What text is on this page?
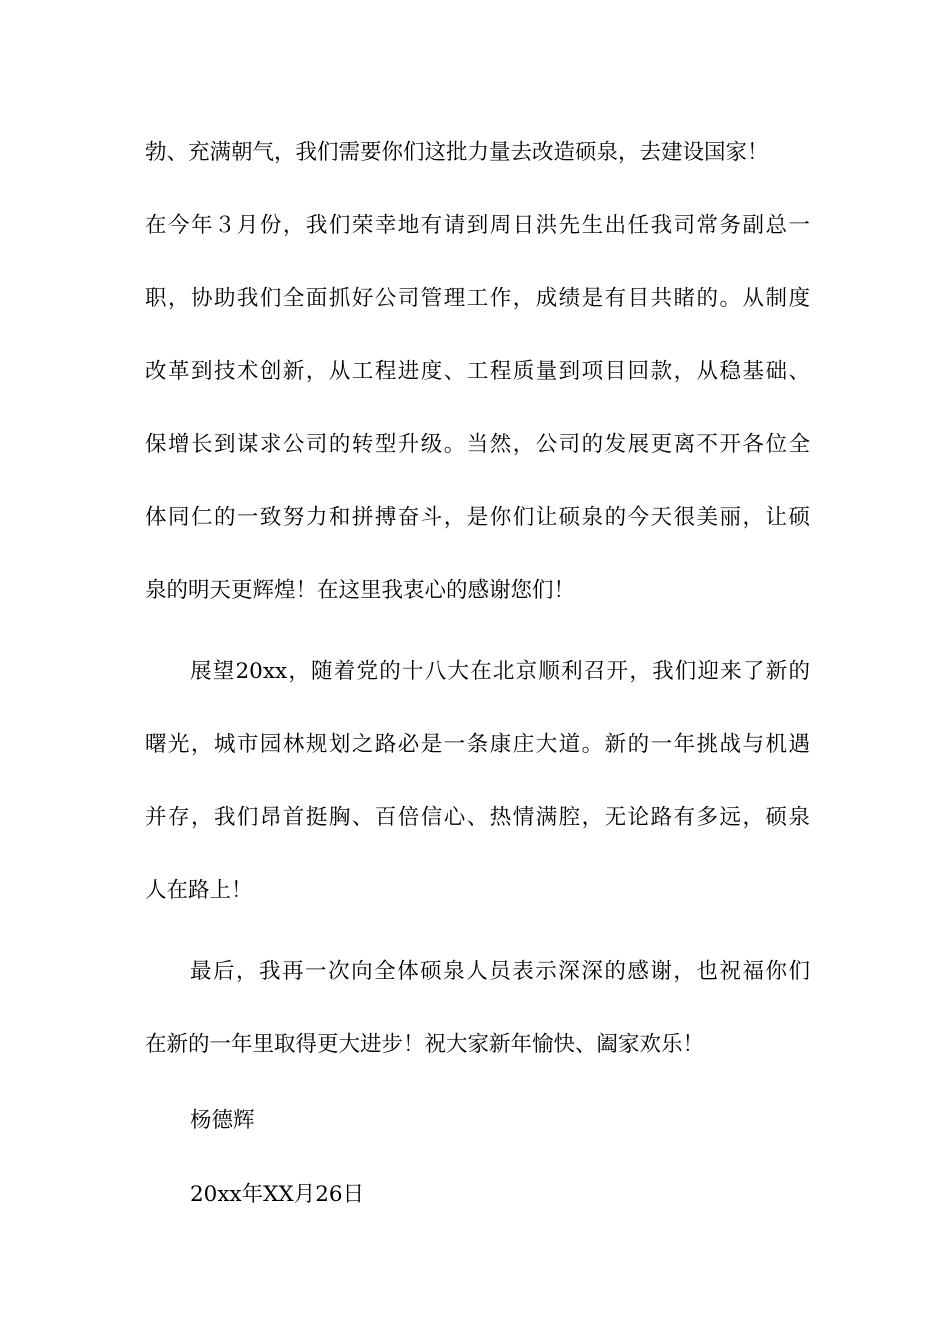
勃、充满朝气，我们需要你们这批力量去改造硕泉，去建设国家！
在今年３月份，我们荣幸地有请到周日洪先生出任我司常务副总一
职，协助我们全面抓好公司管理工作，成绩是有目共睹的。从制度
改革到技术创新，从工程进度、工程质量到项目回款，从稳基础、
保增长到谋求公司的转型升级。当然，公司的发展更离不开各位全
体同仁的一致努力和拼搏奋斗，是你们让硕泉的今天很美丽，让硕
泉的明天更辉煌！在这里我衷心的感谢您们！
展望20xx，随着党的十八大在北京顺利召开，我们迎来了新的
曙光，城市园林规划之路必是一条康庄大道。新的一年挑战与机遇
并存，我们昂首挺胸、百倍信心、热情满腔，无论路有多远，硕泉
人在路上！
最后，我再一次向全体硕泉人员表示深深的感谢，也祝福你们
在新的一年里取得更大进步！祝大家新年愉快、阖家欢乐！
杨德辉
20xx年XX月26日
